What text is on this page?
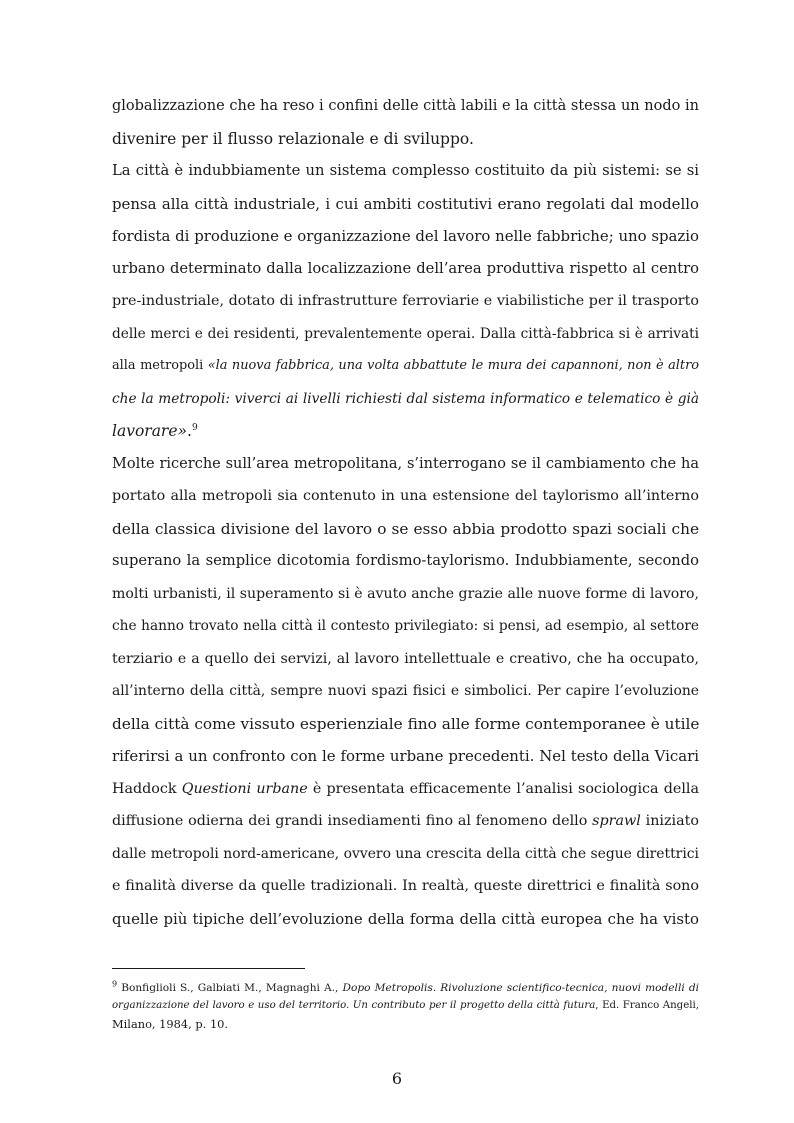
globalizzazione che ha reso i confini delle città labili e la città stessa un nodo in
divenire per il flusso relazionale e di sviluppo.

La città è indubbiamente un sistema complesso costituito da più sistemi: se si
pensa alla città industriale, i cui ambiti costitutivi erano regolati dal modello
fordista di produzione e organizzazione del lavoro nelle fabbriche; uno spazio
urbano determinato dalla localizzazione dell’area produttiva rispetto al centro
pre-industriale, dotato di infrastrutture ferroviarie e viabilistiche per il trasporto
delle merci e dei residenti, prevalentemente operai. Dalla città-fabbrica si è arrivati
alla metropoli «la nuova fabbrica, una volta abbattute le mura dei capannoni, non è altro
che la metropoli: viverci ai livelli richiesti dal sistema informatico e telematico è già
lavorare».$^9$

Molte ricerche sull’area metropolitana, s’interrogano se il cambiamento che ha
portato alla metropoli sia contenuto in una estensione del taylorismo all’interno
della classica divisione del lavoro o se esso abbia prodotto spazi sociali che
superano la semplice dicotomia fordismo-taylorismo. Indubbiamente, secondo
molti urbanisti, il superamento si è avuto anche grazie alle nuove forme di lavoro,
che hanno trovato nella città il contesto privilegiato: si pensi, ad esempio, al settore
terziario e a quello dei servizi, al lavoro intellettuale e creativo, che ha occupato,
all’interno della città, sempre nuovi spazi fisici e simbolici. Per capire l’evoluzione
della città come vissuto esperienziale fino alle forme contemporanee è utile
riferirsi a un confronto con le forme urbane precedenti. Nel testo della Vicari
Haddock Questioni urbane è presentata efficacemente l’analisi sociologica della
diffusione odierna dei grandi insediamenti fino al fenomeno dello sprawl iniziato
dalle metropoli nord-americane, ovvero una crescita della città che segue direttrici
e finalità diverse da quelle tradizionali. In realtà, queste direttrici e finalità sono
quelle più tipiche dell’evoluzione della forma della città europea che ha visto

$^9$ Bonfiglioli S., Galbiati M., Magnaghi A., Dopo Metropolis. Rivoluzione scientifico-tecnica, nuovi modelli di
organizzazione del lavoro e uso del territorio. Un contributo per il progetto della città futura, Ed. Franco Angeli,
Milano, 1984, p. 10.
6
